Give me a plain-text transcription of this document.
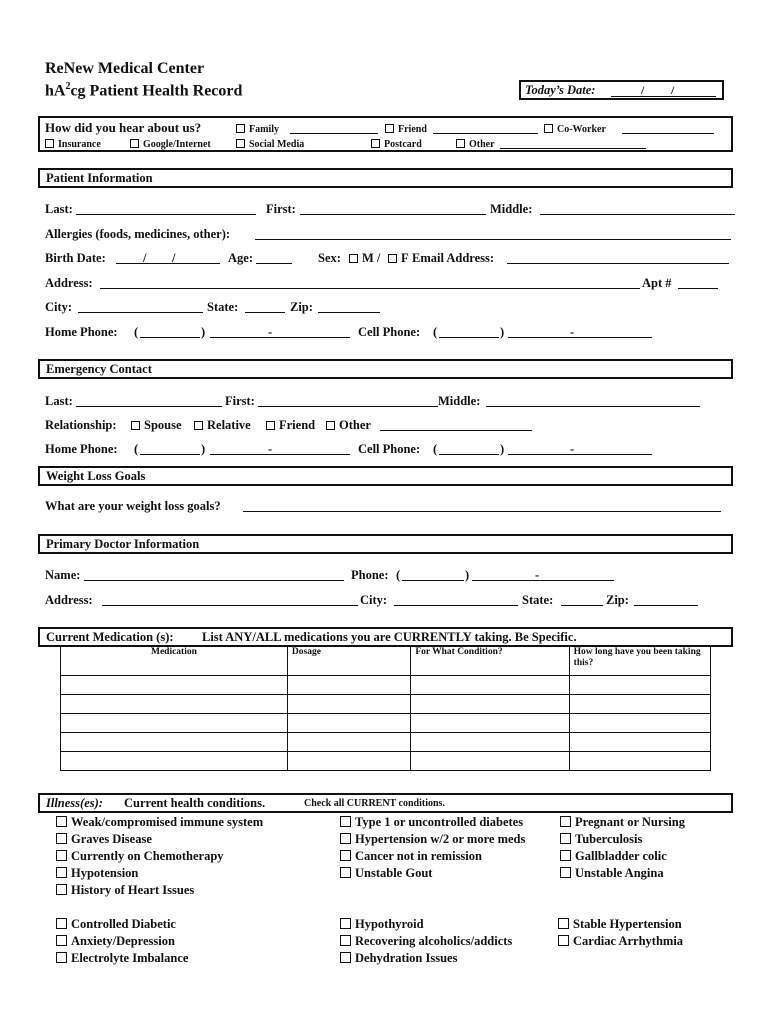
ReNew Medical Center
$hA^2cg$ Patient Health Record	Today’s Date:	/ /
How did you hear about us?	Family	Friend	Co-Worker
Insurance	Google/Internet	Social Media	Postcard	Other
Patient Information
Last:	First:	Middle:
Allergies (foods, medicines, other):
Birth Date:	/ /	Age:	Sex:	M /	F Email Address:
Address:	Apt #
City:	State:	Zip:
Home Phone: (	)	-	Cell Phone: (	)	-
Emergency Contact
Last:	First:	Middle:
Relationship:	Spouse	Relative	Friend	Other
Home Phone: (	)	-	Cell Phone: (	)	-
Weight Loss Goals
What are your weight loss goals?
Primary Doctor Information
Name:	Phone: (	)	-
Address:	City:	State:	Zip:
Current Medication (s): List ANY/ALL medications you are CURRENTLY taking. Be Specific.
Medication	Dosage	For What Condition?	How long have you been taking this?

Illness(es): Current health conditions.	Check all CURRENT conditions.
Weak/compromised immune system
Graves Disease
Currently on Chemotherapy
Hypotension
History of Heart Issues
Type 1 or uncontrolled diabetes
Hypertension w/2 or more meds
Cancer not in remission
Unstable Gout
Pregnant or Nursing
Tuberculosis
Gallbladder colic
Unstable Angina
Controlled Diabetic
Anxiety/Depression
Electrolyte Imbalance
Hypothyroid
Recovering alcoholics/addicts
Dehydration Issues
Stable Hypertension
Cardiac Arrhythmia
